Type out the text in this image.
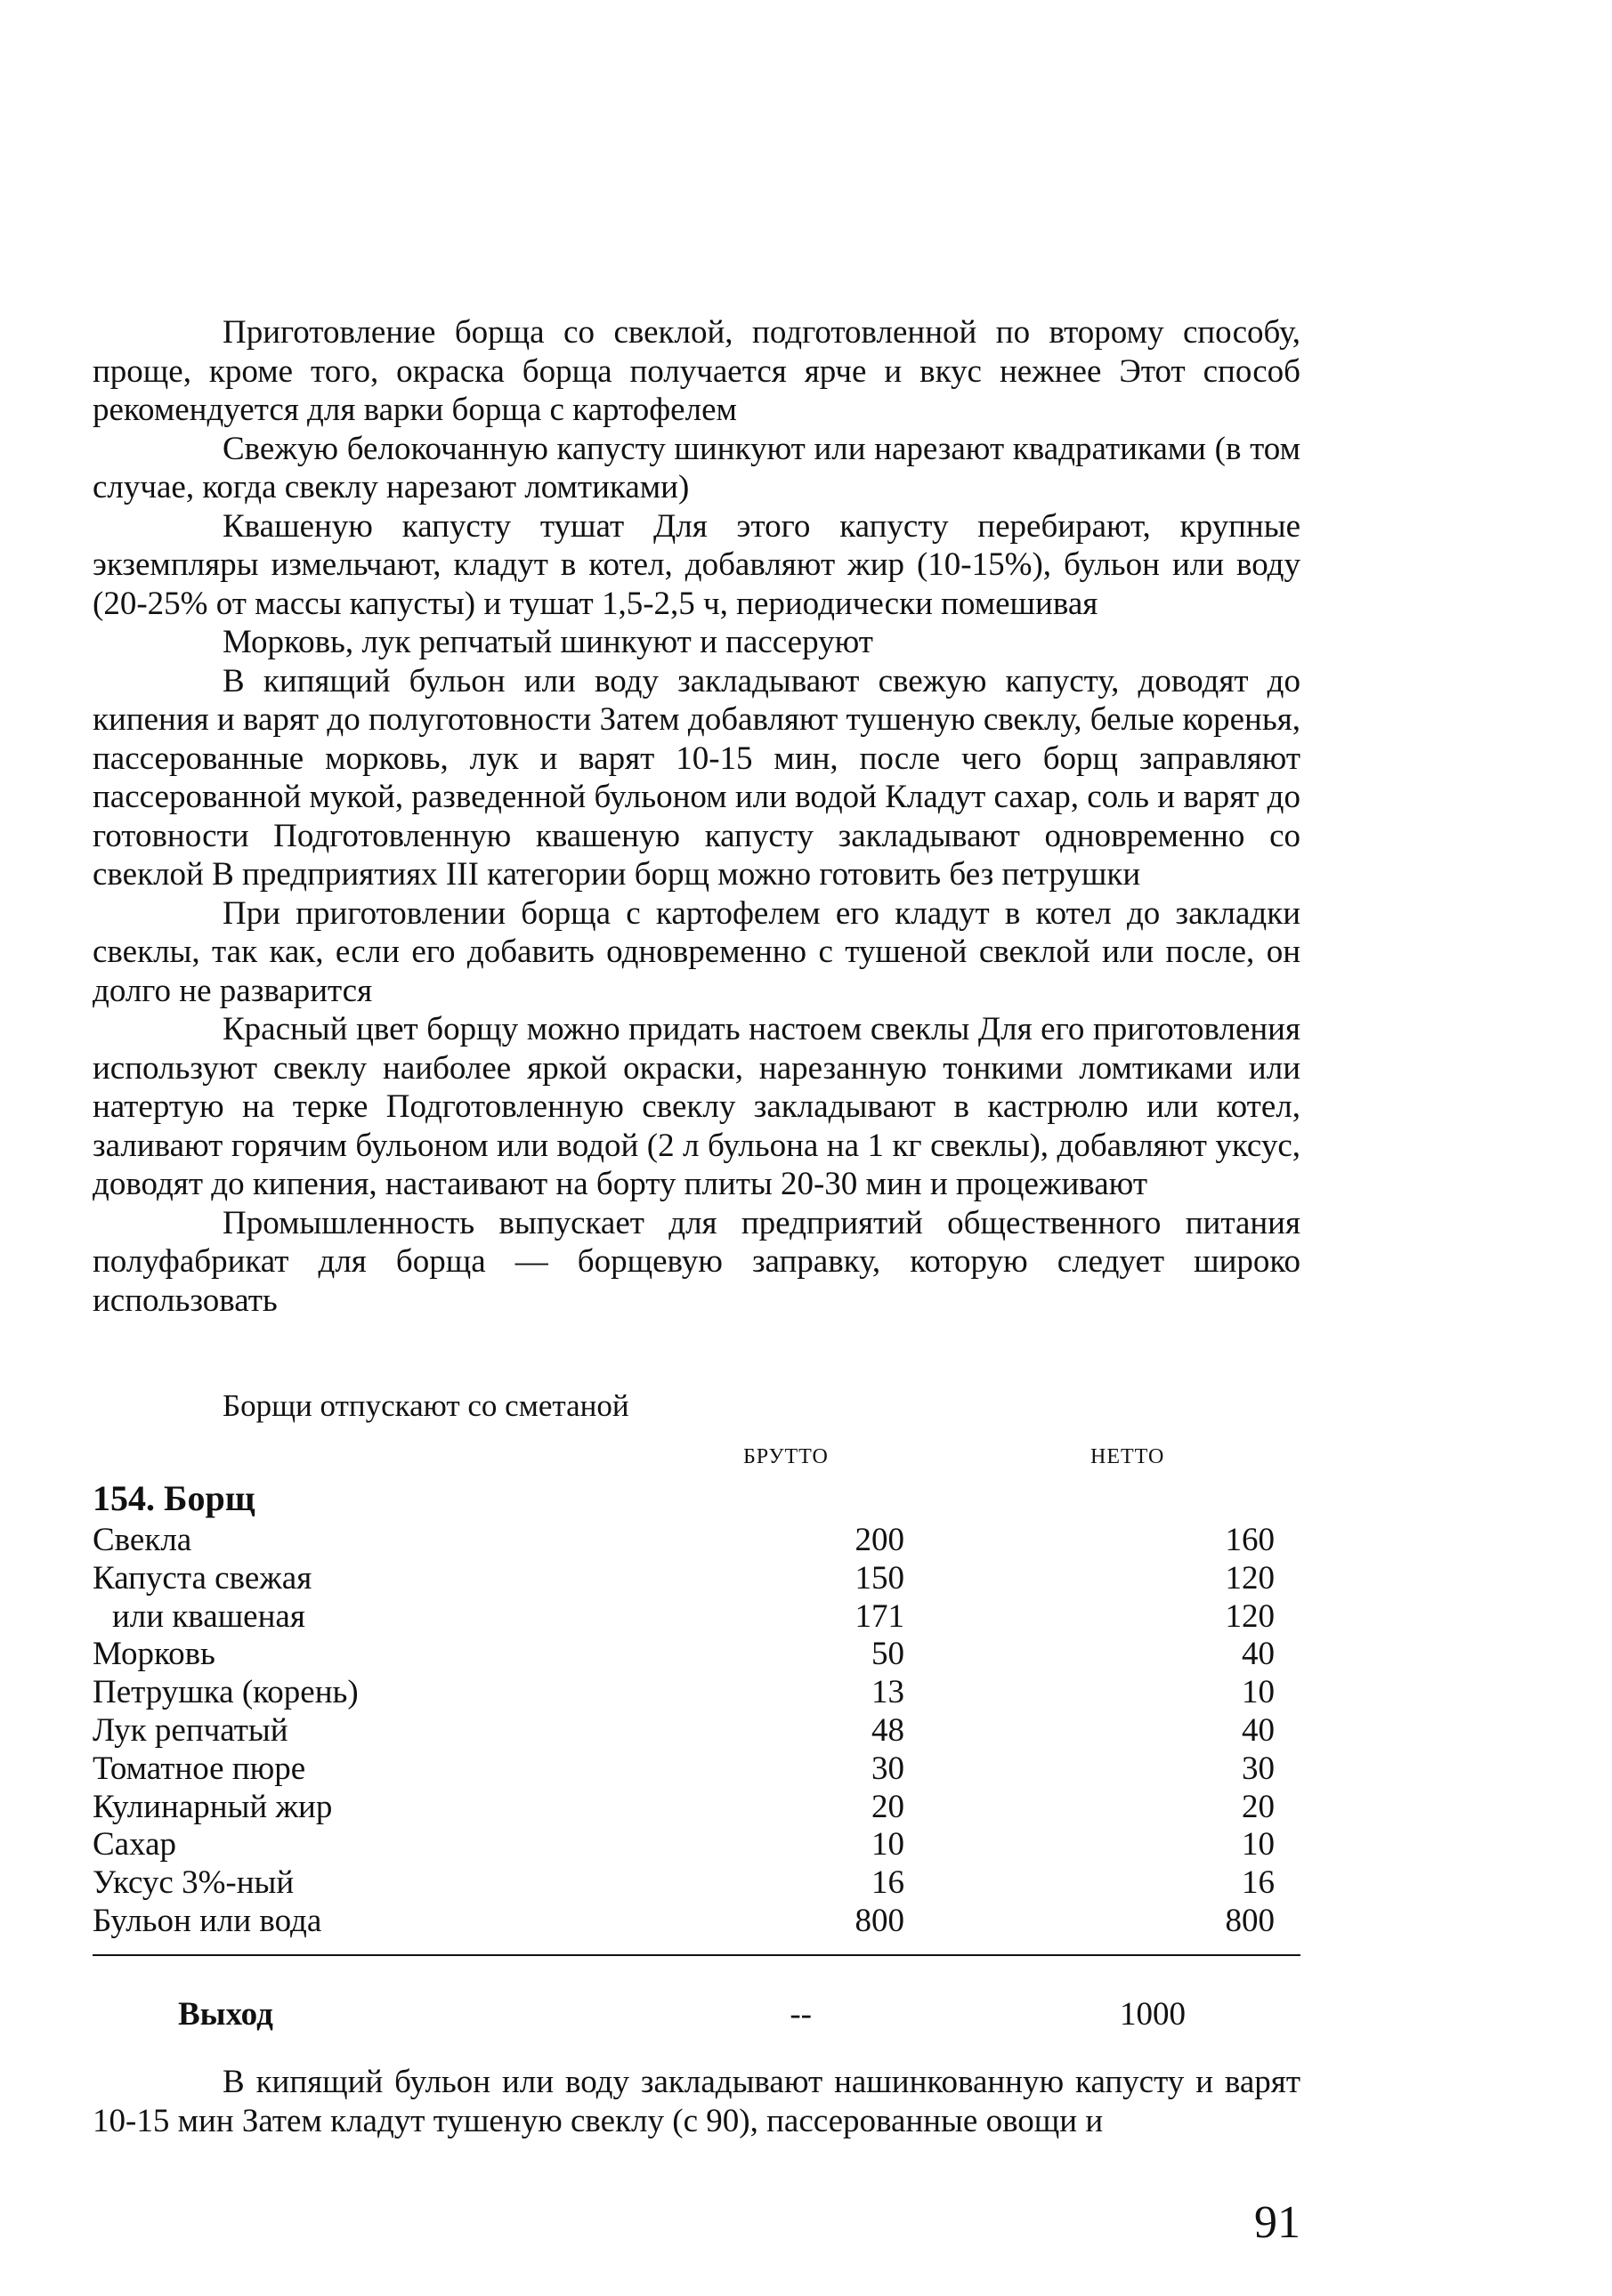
Приготовление борща со свеклой, подготовленной по второму способу, проще, кроме того, окраска борща получается ярче и вкус нежнее Этот способ рекомендуется для варки борща с картофелем

Свежую белокочанную капусту шинкуют или нарезают квадратиками (в том случае, когда свеклу нарезают ломтиками)

Квашеную капусту тушат Для этого капусту перебирают, крупные экземпляры измельчают, кладут в котел, добавляют жир (10-15%), бульон или воду (20-25% от массы капусты) и тушат 1,5-2,5 ч, периодически помешивая

Морковь, лук репчатый шинкуют и пассеруют

В кипящий бульон или воду закладывают свежую капусту, доводят до кипения и варят до полуготовности Затем добавляют тушеную свеклу, белые коренья, пассерованные морковь, лук и варят 10-15 мин, после чего борщ заправляют пассерованной мукой, разведенной бульоном или водой Кладут сахар, соль и варят до готовности Подготовленную квашеную капусту закладывают одновременно со свеклой В предприятиях III категории борщ можно готовить без петрушки

При приготовлении борща с картофелем его кладут в котел до закладки свеклы, так как, если его добавить одновременно с тушеной свеклой или после, он долго не разварится

Красный цвет борщу можно придать настоем свеклы Для его приготовления используют свеклу наиболее яркой окраски, нарезанную тонкими ломтиками или натертую на терке Подготовленную свеклу закладывают в кастрюлю или котел, заливают горячим бульоном или водой (2 л бульона на 1 кг свеклы), добавляют уксус, доводят до кипения, настаивают на борту плиты 20-30 мин и процеживают

Промышленность выпускает для предприятий общественного питания полуфабрикат для борща — борщевую заправку, которую следует широко использовать

Борщи отпускают со сметаной
БРУТТО	НЕТТО
154. Борщ
Свекла	200	160
Капуста свежая	150	120
или квашеная	171	120
Морковь	50	40
Петрушка (корень)	13	10
Лук репчатый	48	40
Томатное пюре	30	30
Кулинарный жир	20	20
Сахар	10	10
Уксус 3%-ный	16	16
Бульон или вода	800	800
Выход	--	1000

В кипящий бульон или воду закладывают нашинкованную капусту и варят 10-15 мин Затем кладут тушеную свеклу (с 90), пассерованные овощи и

91
